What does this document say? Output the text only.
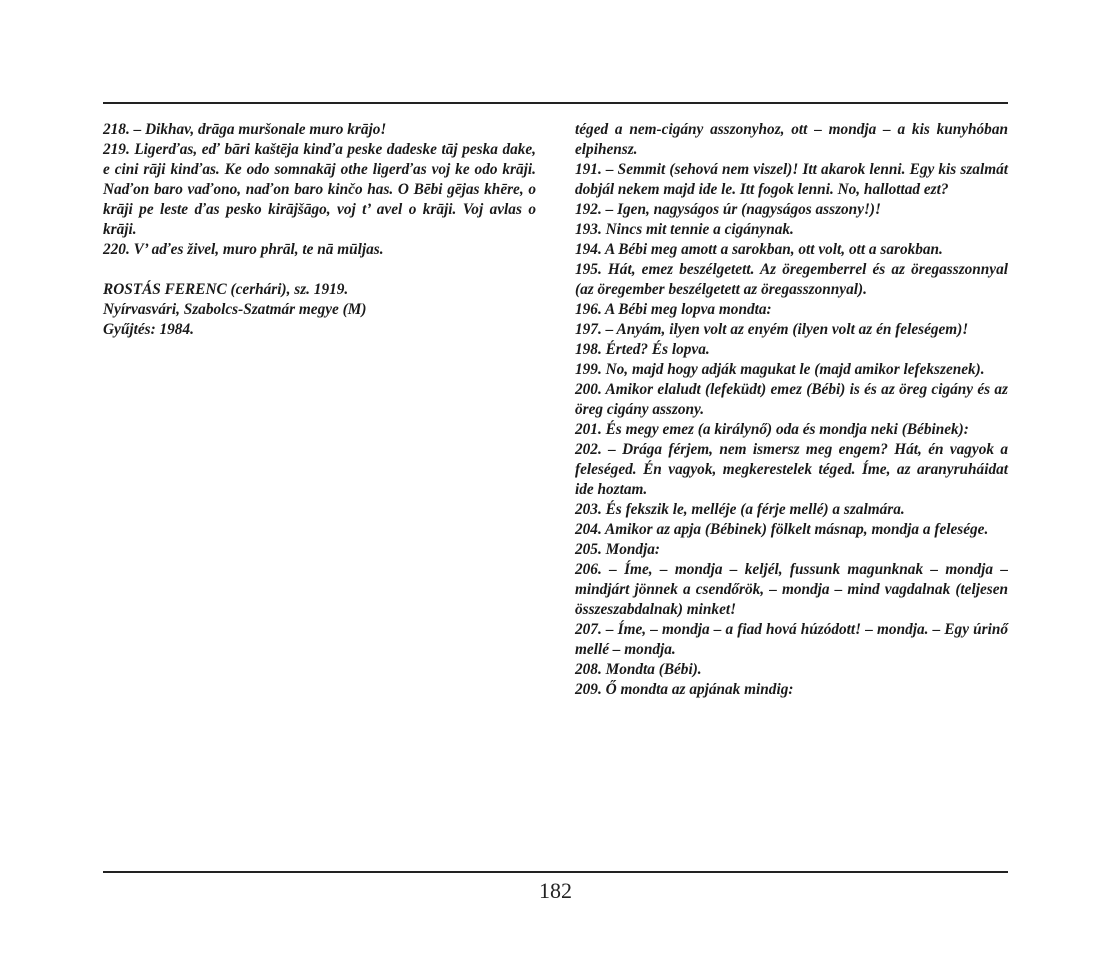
218. – Dikhav, drāga muršonale muro krājo!

219. Ligerďas, eď bāri kaštēja kinďa peske dadeske tāj peska dake, e cini rāji kinďas. Ke odo somnakāj othe ligerďas voj ke odo krāji. Naďon baro vaďono, naďon baro kinčo has. O Bēbi gējas khēre, o krāji pe leste ďas pesko kirājšāgo, voj t’ avel o krāji. Voj avlas o krāji.

220. V’ aďes živel, muro phrāl, te nā mūljas.

ROSTÁS FERENC (cerhári), sz. 1919.

Nyírvasvári, Szabolcs-Szatmár megye (M)

Gyűjtés: 1984.

téged a nem-cigány asszonyhoz, ott – mondja – a kis kunyhóban elpihensz.

191. – Semmit (sehová nem viszel)! Itt akarok lenni. Egy kis szalmát dobjál nekem majd ide le. Itt fogok lenni. No, hallottad ezt?

192. – Igen, nagyságos úr (nagyságos asszony!)!

193. Nincs mit tennie a cigánynak.

194. A Bébi meg amott a sarokban, ott volt, ott a sarokban.

195. Hát, emez beszélgetett. Az öregemberrel és az öregasszonnyal (az öregember beszélgetett az öregasszonnyal).

196. A Bébi meg lopva mondta:

197. – Anyám, ilyen volt az enyém (ilyen volt az én feleségem)!

198. Érted? És lopva.

199. No, majd hogy adják magukat le (majd amikor lefekszenek).

200. Amikor elaludt (lefeküdt) emez (Bébi) is és az öreg cigány és az öreg cigány asszony.

201. És megy emez (a királynő) oda és mondja neki (Bébinek):

202. – Drága férjem, nem ismersz meg engem? Hát, én vagyok a feleséged. Én vagyok, megkerestelek téged. Íme, az aranyruháidat ide hoztam.

203. És fekszik le, melléje (a férje mellé) a szalmára.

204. Amikor az apja (Bébinek) fölkelt másnap, mondja a felesége.

205. Mondja:

206. – Íme, – mondja – keljél, fussunk magunknak – mondja – mindjárt jönnek a csendőrök, – mondja – mind vagdalnak (teljesen összeszabdalnak) minket!

207. – Íme, – mondja – a fiad hová húzódott! – mondja. – Egy úrinő mellé – mondja.

208. Mondta (Bébi).

209. Ő mondta az apjának mindig:

182
